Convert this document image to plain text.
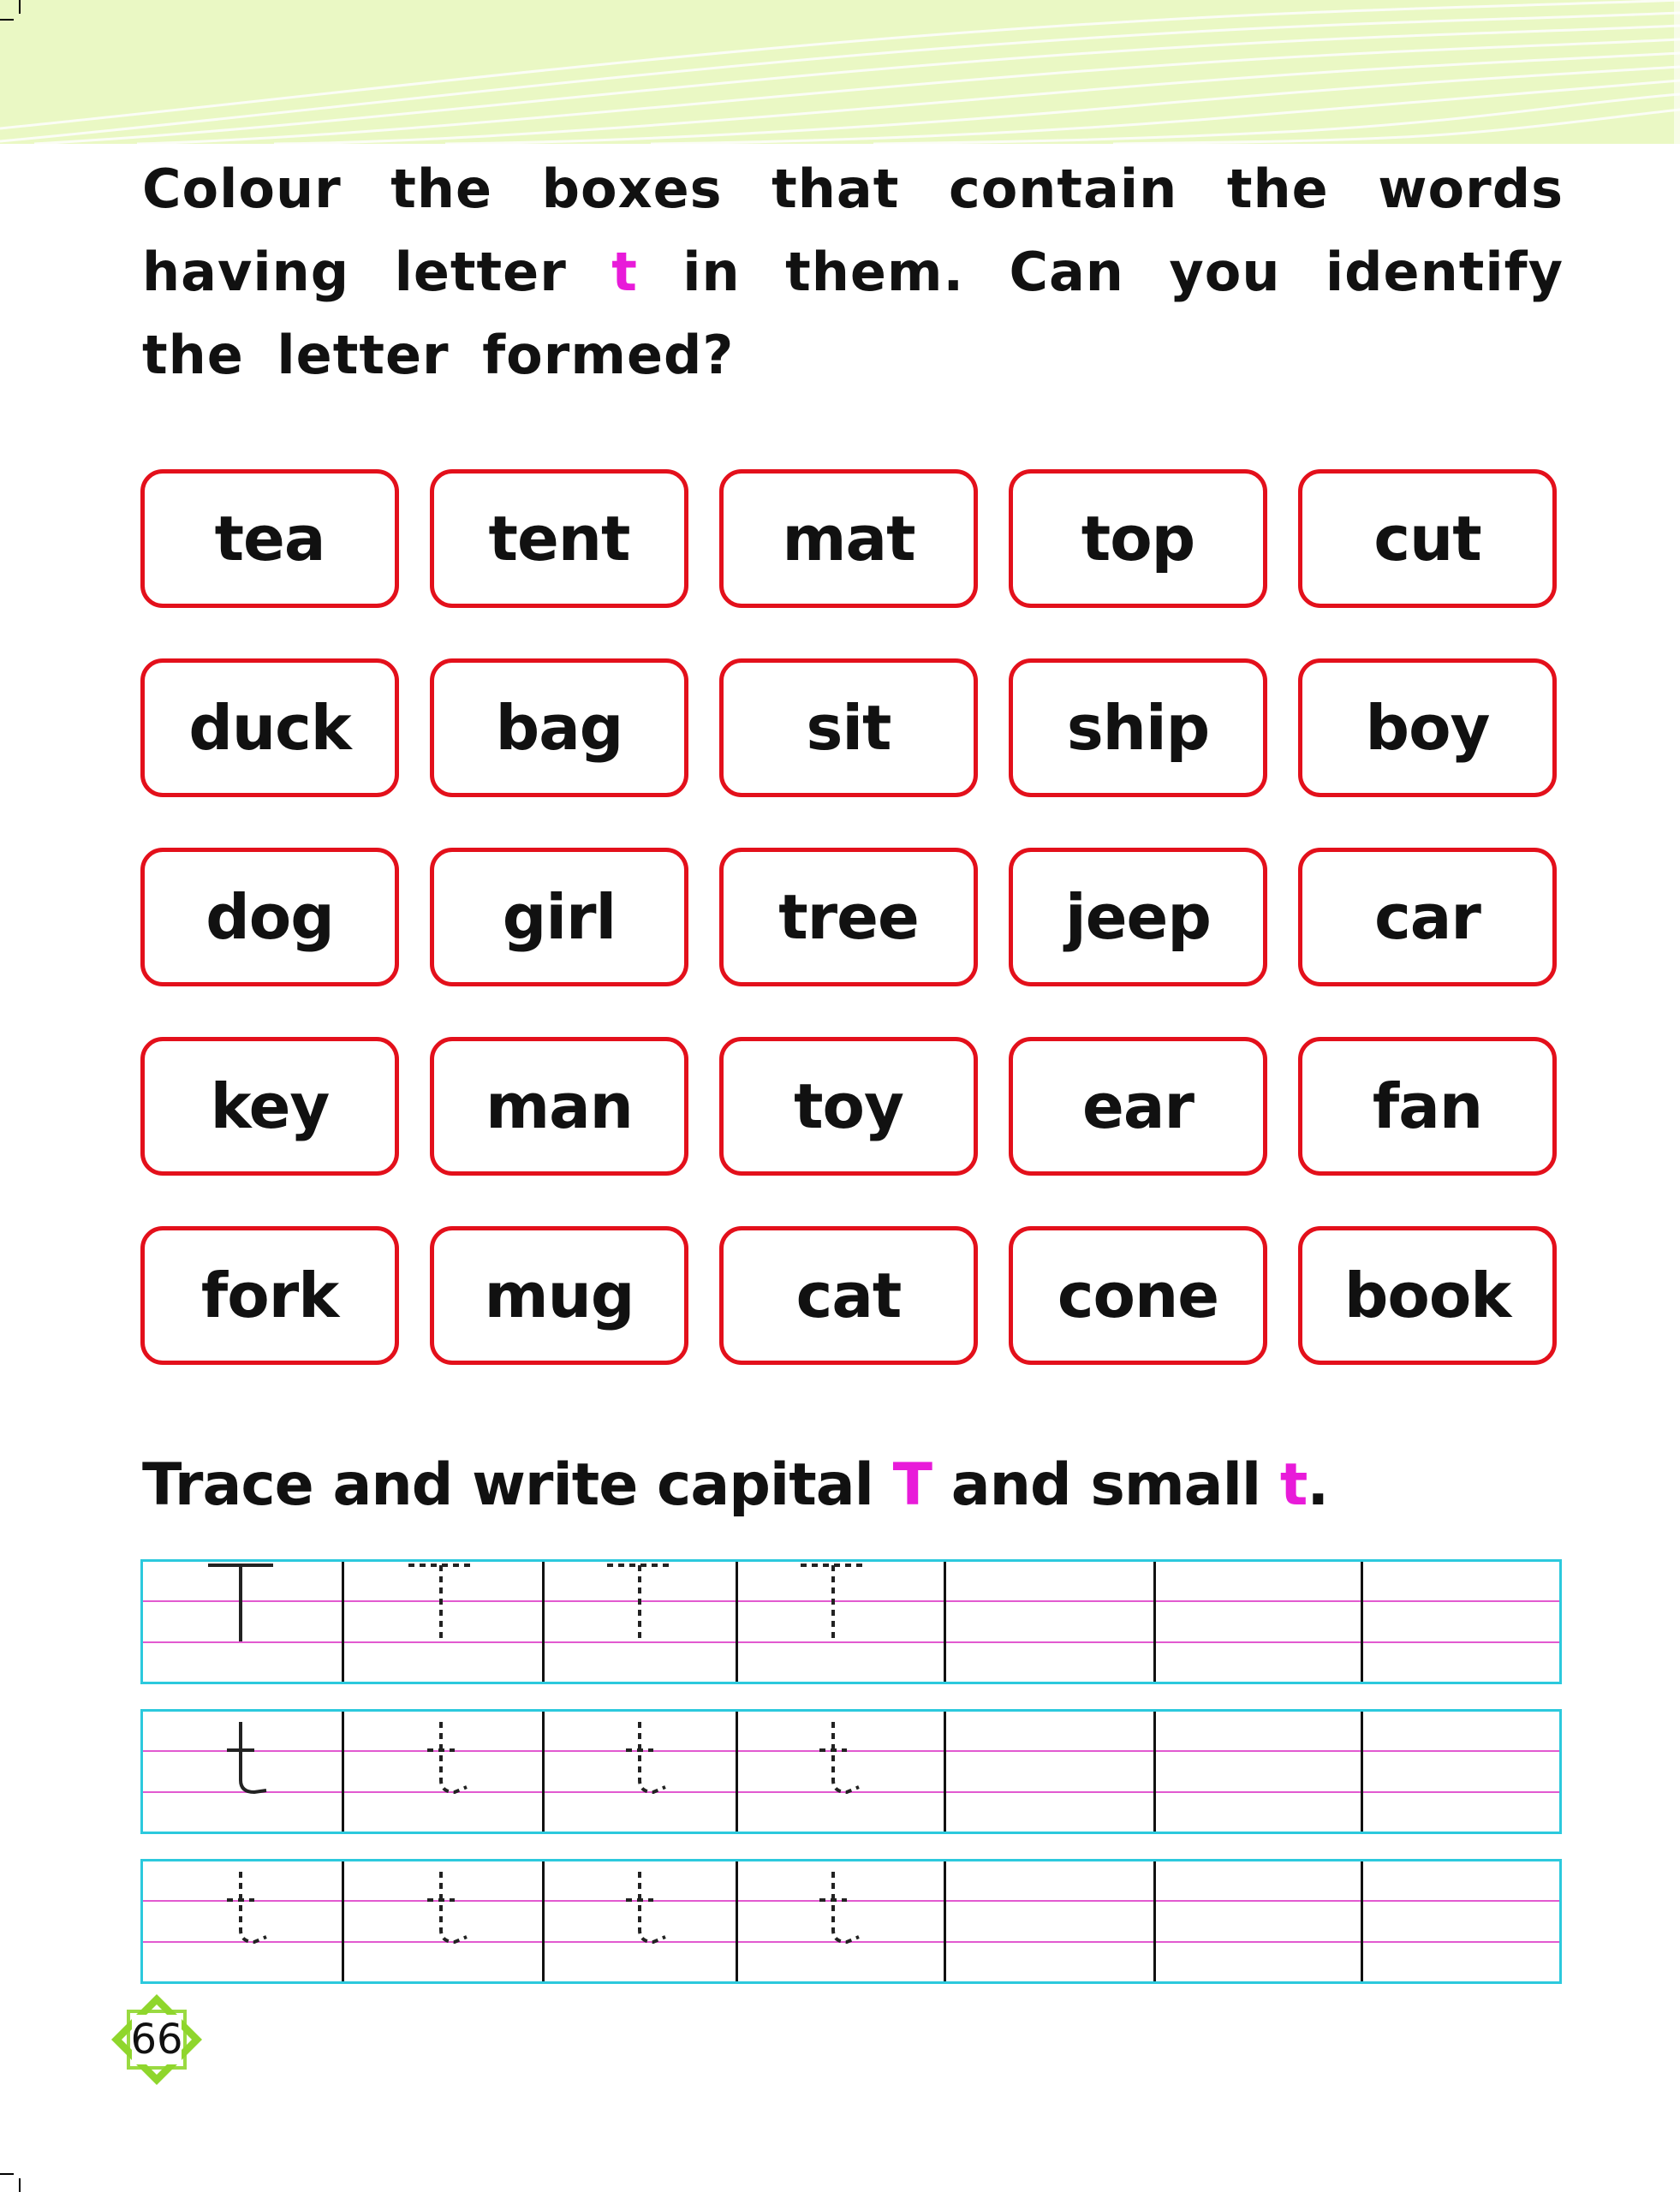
Colour the boxes that contain the words having letter t in them. Can you identify the letter formed?
tea	tent	mat	top	cut
duck	bag	sit	ship	boy
dog	girl	tree	jeep	car
key	man	toy	ear	fan
fork	mug	cat	cone	book
Trace and write capital T and small t.
66
